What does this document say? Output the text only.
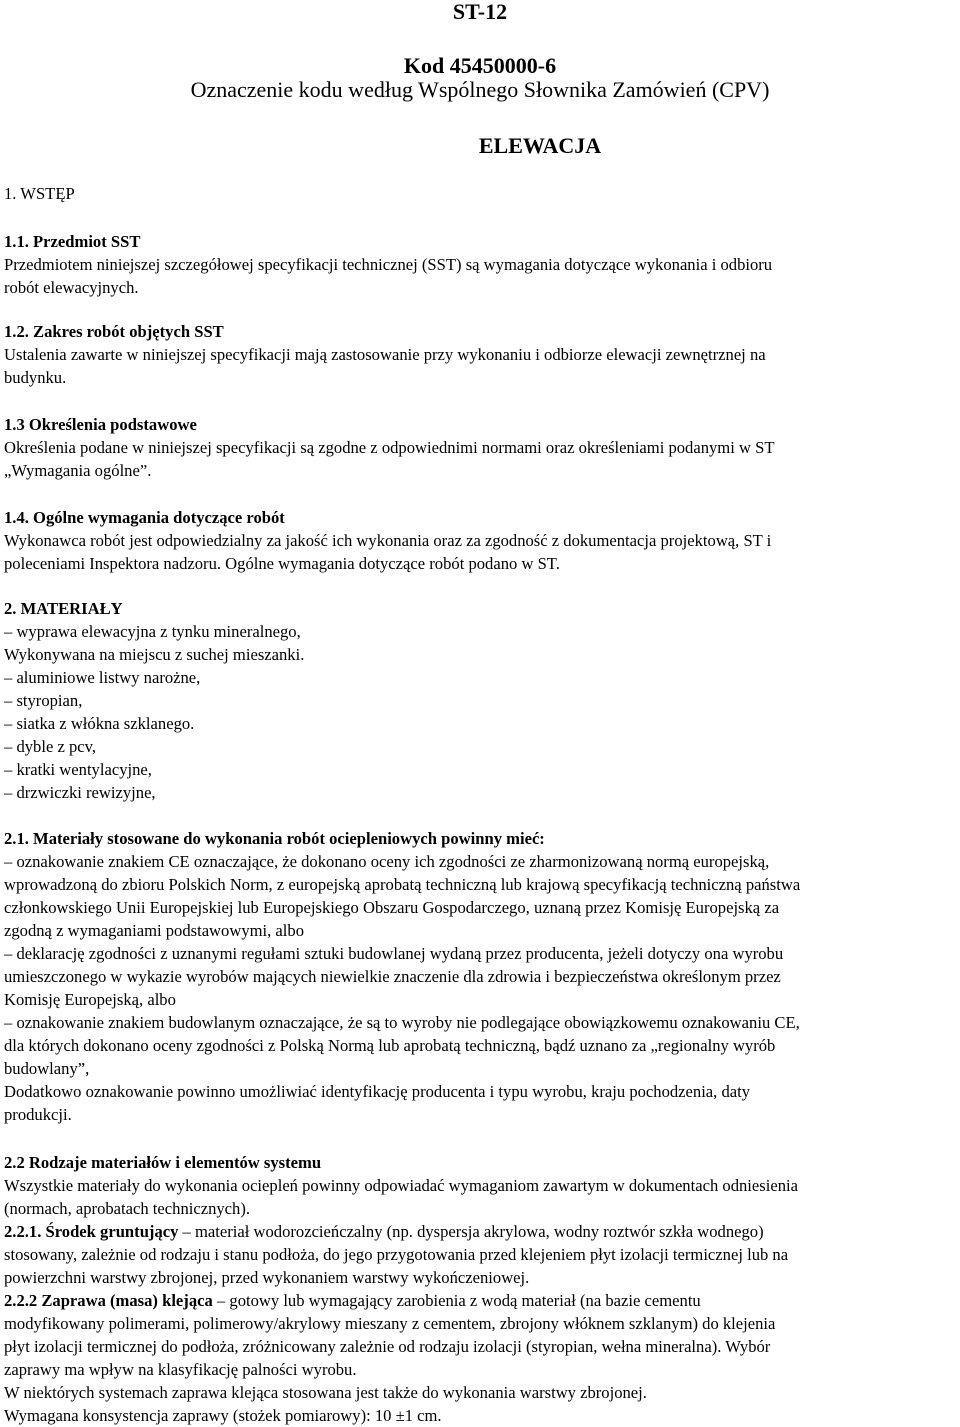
ST-12
Kod 45450000-6
Oznaczenie kodu według Wspólnego Słownika Zamówień (CPV)
ELEWACJA

1. WSTĘP

1.1. Przedmiot SST

Przedmiotem niniejszej szczegółowej specyfikacji technicznej (SST) są wymagania dotyczące wykonania i odbioru

robót elewacyjnych.

1.2. Zakres robót objętych SST

Ustalenia zawarte w niniejszej specyfikacji mają zastosowanie przy wykonaniu i odbiorze elewacji zewnętrznej na

budynku.

1.3 Określenia podstawowe

Określenia podane w niniejszej specyfikacji są zgodne z odpowiednimi normami oraz określeniami podanymi w ST

„Wymagania ogólne”.

1.4. Ogólne wymagania dotyczące robót

Wykonawca robót jest odpowiedzialny za jakość ich wykonania oraz za zgodność z dokumentacja projektową, ST i

poleceniami Inspektora nadzoru. Ogólne wymagania dotyczące robót podano w ST.

2. MATERIAŁY

– wyprawa elewacyjna z tynku mineralnego,

Wykonywana na miejscu z suchej mieszanki.

– aluminiowe listwy narożne,

– styropian,

– siatka z włókna szklanego.

– dyble z pcv,

– kratki wentylacyjne,

– drzwiczki rewizyjne,

2.1. Materiały stosowane do wykonania robót ociepleniowych powinny mieć:

– oznakowanie znakiem CE oznaczające, że dokonano oceny ich zgodności ze zharmonizowaną normą europejską,

wprowadzoną do zbioru Polskich Norm, z europejską aprobatą techniczną lub krajową specyfikacją techniczną państwa

członkowskiego Unii Europejskiej lub Europejskiego Obszaru Gospodarczego, uznaną przez Komisję Europejską za

zgodną z wymaganiami podstawowymi, albo

– deklarację zgodności z uznanymi regułami sztuki budowlanej wydaną przez producenta, jeżeli dotyczy ona wyrobu

umieszczonego w wykazie wyrobów mających niewielkie znaczenie dla zdrowia i bezpieczeństwa określonym przez

Komisję Europejską, albo

– oznakowanie znakiem budowlanym oznaczające, że są to wyroby nie podlegające obowiązkowemu oznakowaniu CE,

dla których dokonano oceny zgodności z Polską Normą lub aprobatą techniczną, bądź uznano za „regionalny wyrób

budowlany”,

Dodatkowo oznakowanie powinno umożliwiać identyfikację producenta i typu wyrobu, kraju pochodzenia, daty

produkcji.

2.2 Rodzaje materiałów i elementów systemu

Wszystkie materiały do wykonania ociepleń powinny odpowiadać wymaganiom zawartym w dokumentach odniesienia

(normach, aprobatach technicznych).

2.2.1. Środek gruntujący – materiał wodorozcieńczalny (np. dyspersja akrylowa, wodny roztwór szkła wodnego)

stosowany, zależnie od rodzaju i stanu podłoża, do jego przygotowania przed klejeniem płyt izolacji termicznej lub na

powierzchni warstwy zbrojonej, przed wykonaniem warstwy wykończeniowej.

2.2.2 Zaprawa (masa) klejąca – gotowy lub wymagający zarobienia z wodą materiał (na bazie cementu

modyfikowany polimerami, polimerowy/akrylowy mieszany z cementem, zbrojony włóknem szklanym) do klejenia

płyt izolacji termicznej do podłoża, zróżnicowany zależnie od rodzaju izolacji (styropian, wełna mineralna). Wybór

zaprawy ma wpływ na klasyfikację palności wyrobu.

W niektórych systemach zaprawa klejąca stosowana jest także do wykonania warstwy zbrojonej.

Wymagana konsystencja zaprawy (stożek pomiarowy): 10 ±1 cm.
